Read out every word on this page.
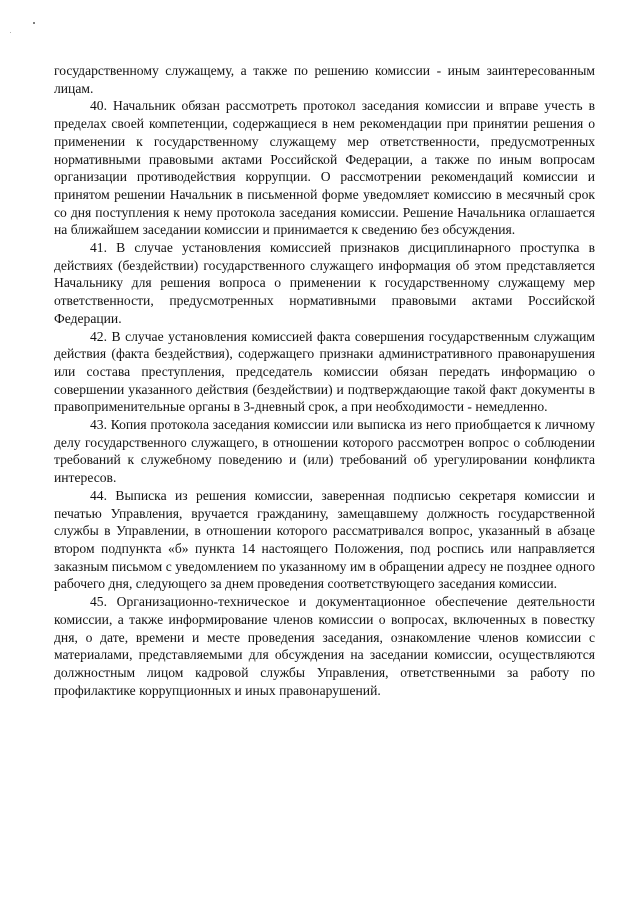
государственному служащему, а также по решению комиссии - иным заинтересованным лицам.

40. Начальник обязан рассмотреть протокол заседания комиссии и вправе учесть в пределах своей компетенции, содержащиеся в нем рекомендации при принятии решения о применении к государственному служащему мер ответственности, предусмотренных нормативными правовыми актами Российской Федерации, а также по иным вопросам организации противодействия коррупции. О рассмотрении рекомендаций комиссии и принятом решении Начальник в письменной форме уведомляет комиссию в месячный срок со дня поступления к нему протокола заседания комиссии. Решение Начальника оглашается на ближайшем заседании комиссии и принимается к сведению без обсуждения.

41. В случае установления комиссией признаков дисциплинарного проступка в действиях (бездействии) государственного служащего информация об этом представляется Начальнику для решения вопроса о применении к государственному служащему мер ответственности, предусмотренных нормативными правовыми актами Российской Федерации.

42. В случае установления комиссией факта совершения государственным служащим действия (факта бездействия), содержащего признаки административного правонарушения или состава преступления, председатель комиссии обязан передать информацию о совершении указанного действия (бездействии) и подтверждающие такой факт документы в правоприменительные органы в 3-дневный срок, а при необходимости - немедленно.

43. Копия протокола заседания комиссии или выписка из него приобщается к личному делу государственного служащего, в отношении которого рассмотрен вопрос о соблюдении требований к служебному поведению и (или) требований об урегулировании конфликта интересов.

44. Выписка из решения комиссии, заверенная подписью секретаря комиссии и печатью Управления, вручается гражданину, замещавшему должность государственной службы в Управлении, в отношении которого рассматривался вопрос, указанный в абзаце втором подпункта «б» пункта 14 настоящего Положения, под роспись или направляется заказным письмом с уведомлением по указанному им в обращении адресу не позднее одного рабочего дня, следующего за днем проведения соответствующего заседания комиссии.

45. Организационно-техническое и документационное обеспечение деятельности комиссии, а также информирование членов комиссии о вопросах, включенных в повестку дня, о дате, времени и месте проведения заседания, ознакомление членов комиссии с материалами, представляемыми для обсуждения на заседании комиссии, осуществляются должностным лицом кадровой службы Управления, ответственными за работу по профилактике коррупционных и иных правонарушений.
